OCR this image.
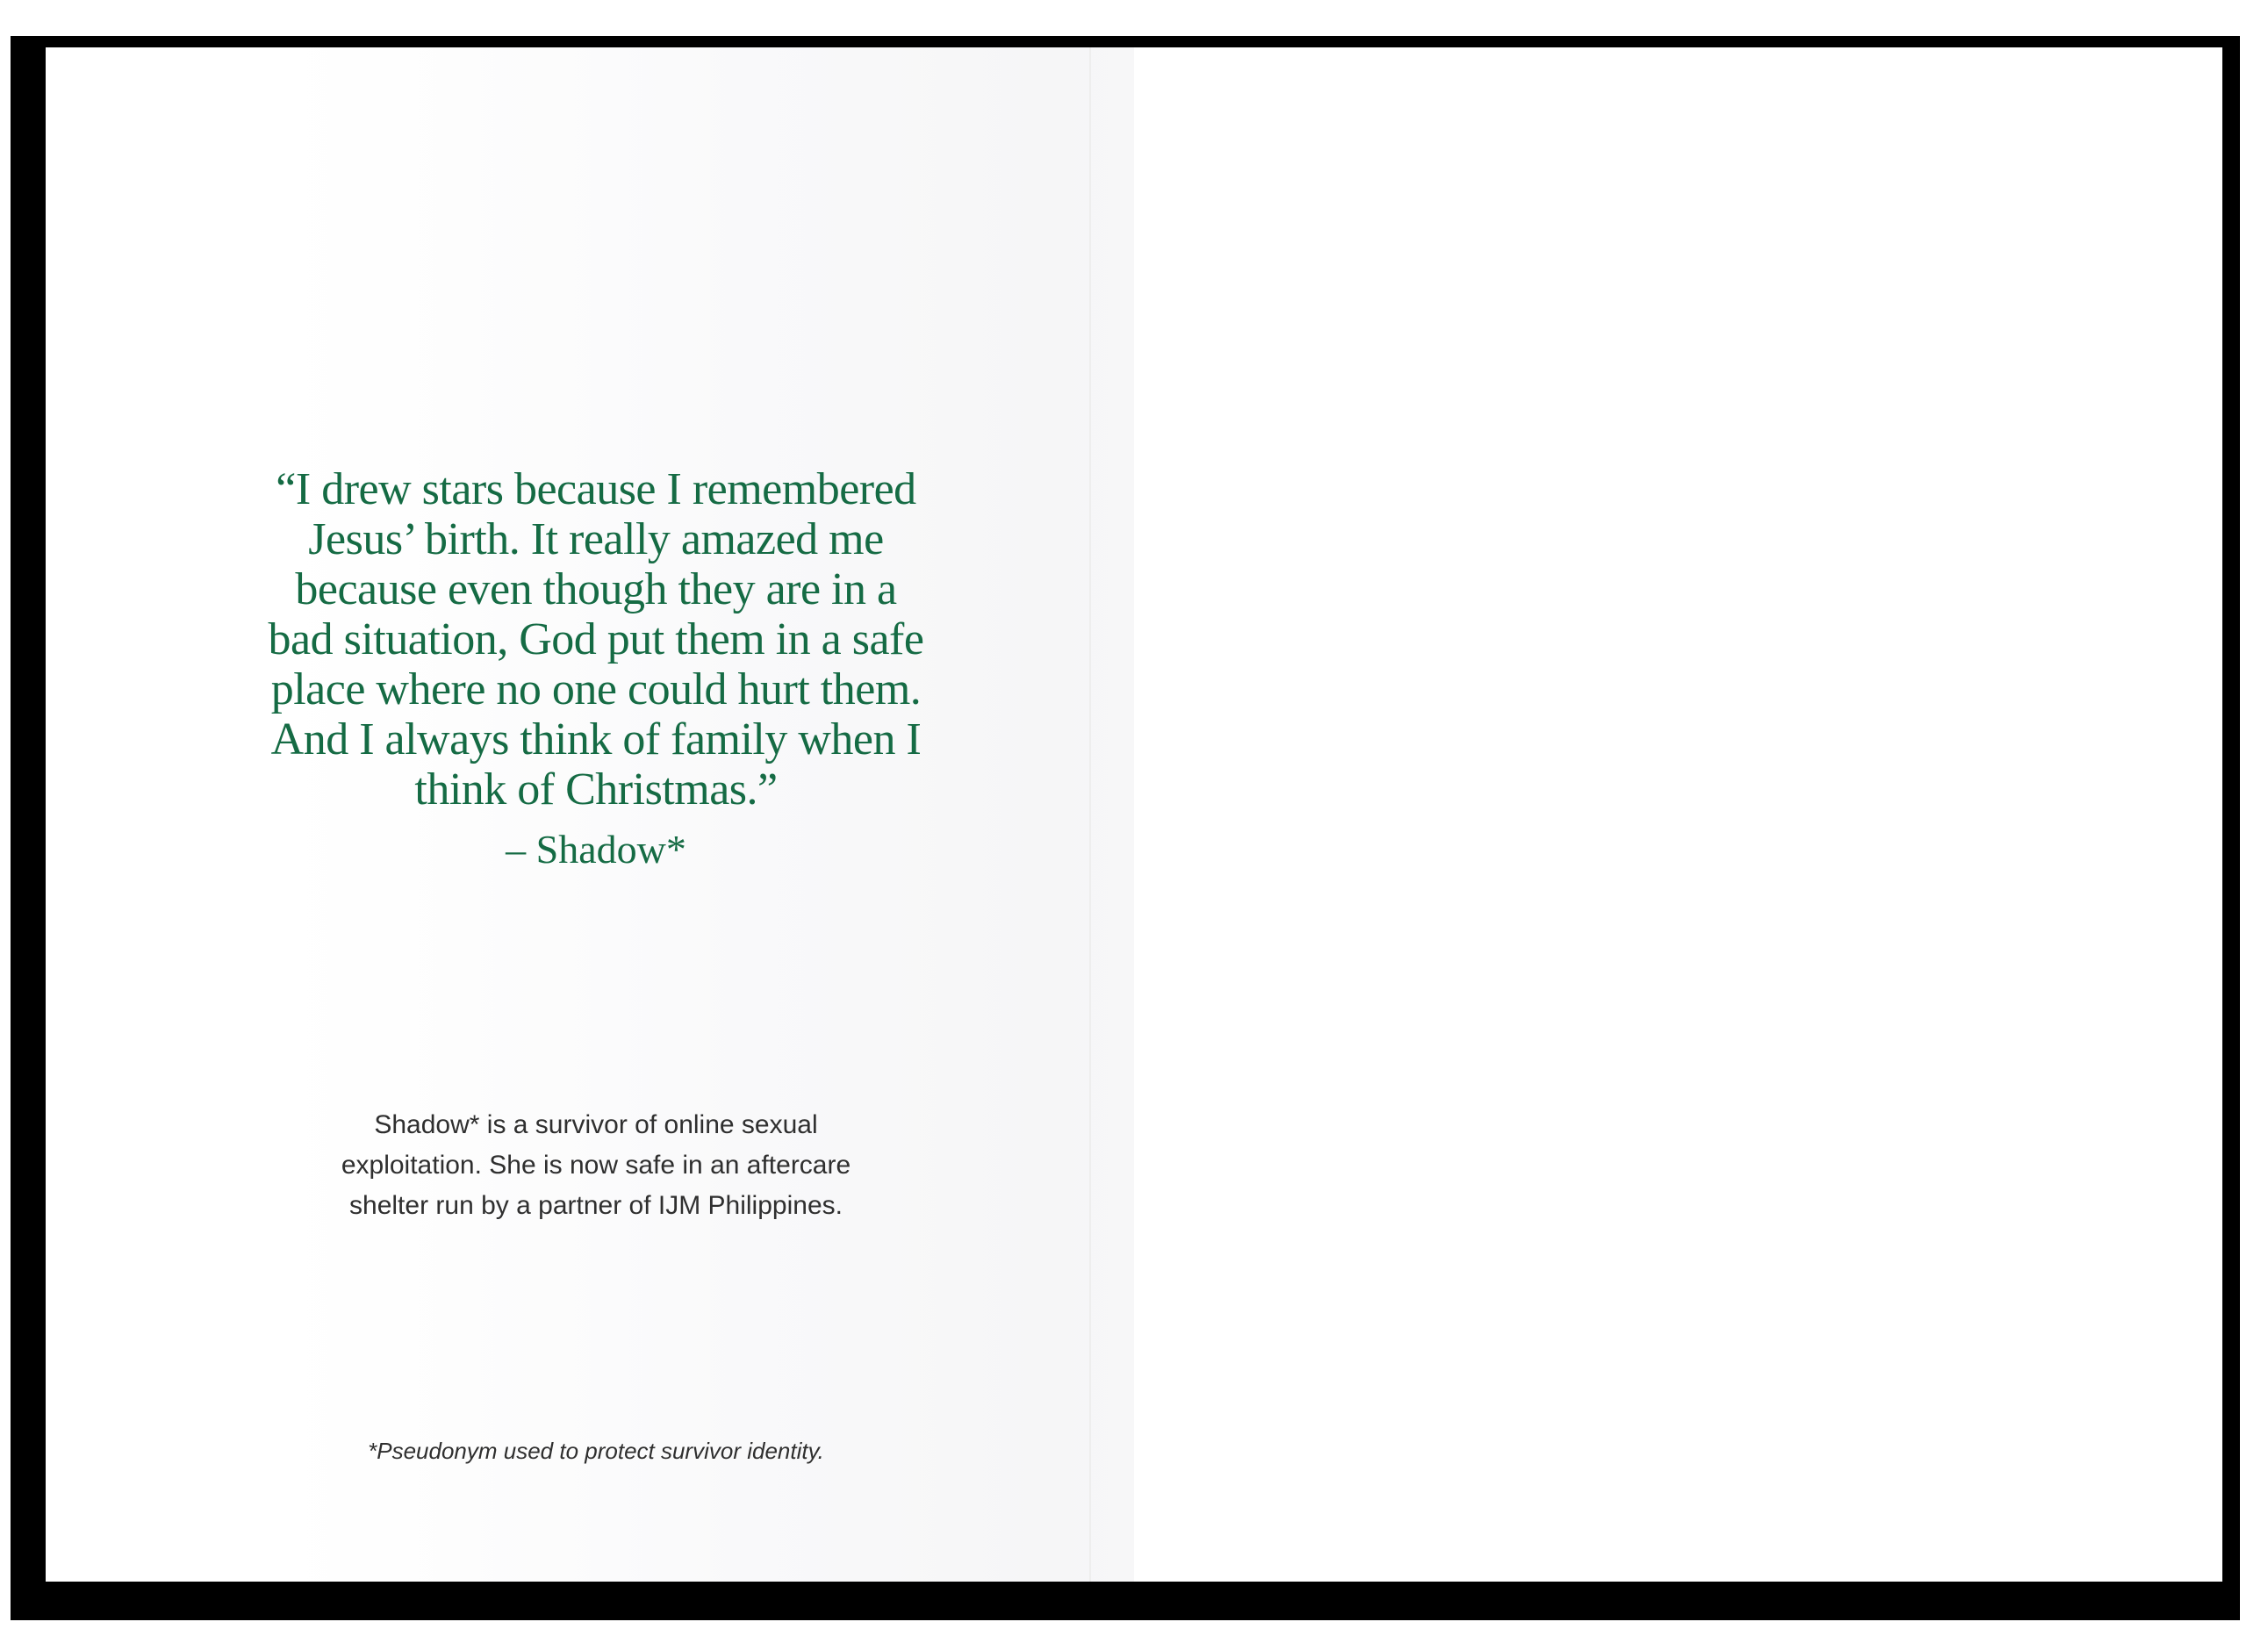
“I drew stars because I remembered
Jesus’ birth. It really amazed me
because even though they are in a
bad situation, God put them in a safe
place where no one could hurt them.
And I always think of family when I
think of Christmas.”
– Shadow*
Shadow* is a survivor of online sexual
exploitation. She is now safe in an aftercare
shelter run by a partner of IJM Philippines.
*Pseudonym used to protect survivor identity.
